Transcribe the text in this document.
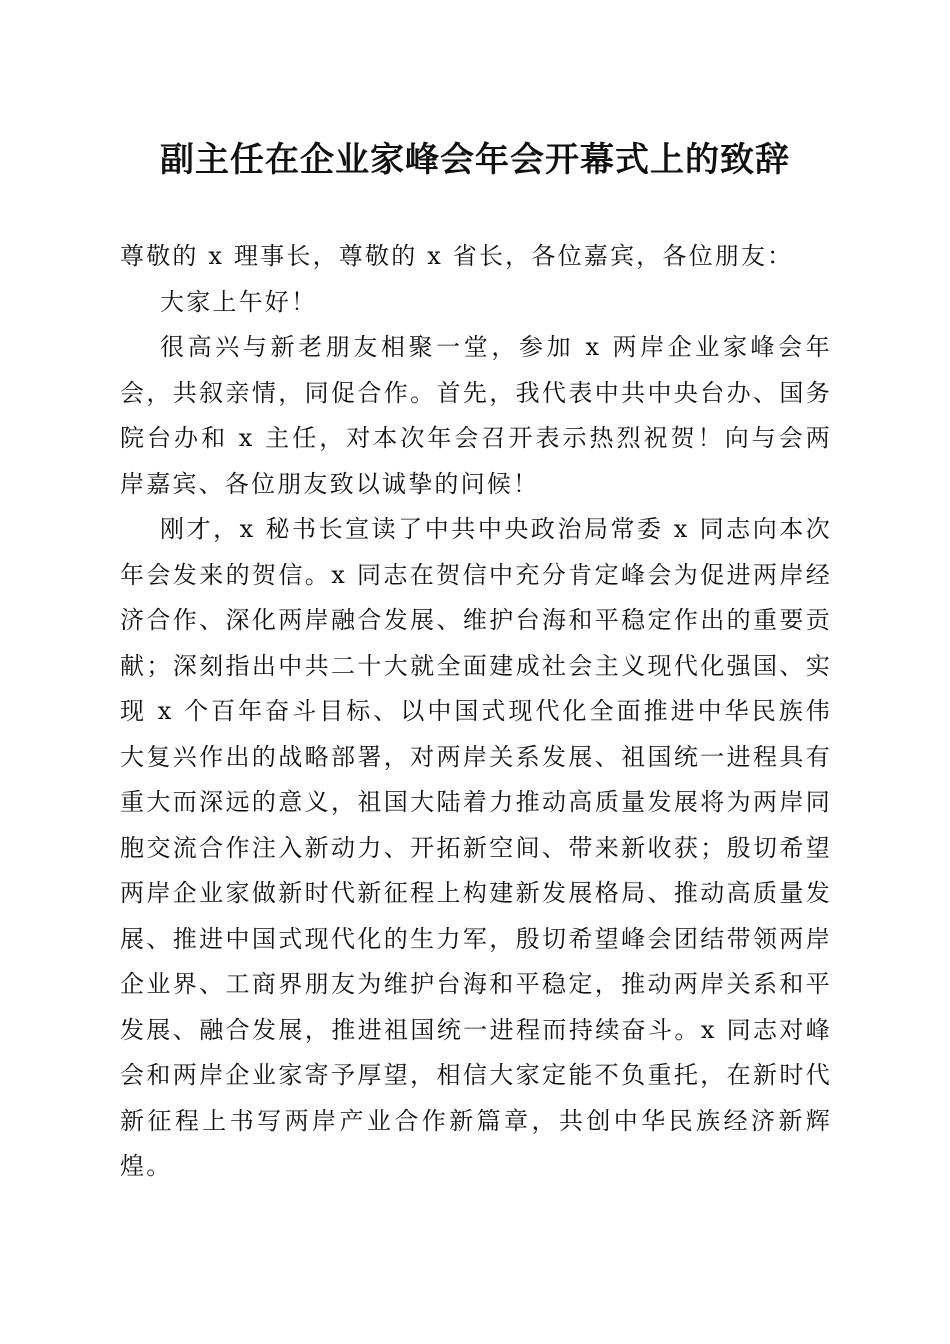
副主任在企业家峰会年会开幕式上的致辞

尊敬的 x 理事长，尊敬的 x 省长，各位嘉宾，各位朋友：

大家上午好！

很高兴与新老朋友相聚一堂，参加 x 两岸企业家峰会年会，共叙亲情，同促合作。首先，我代表中共中央台办、国务院台办和 x 主任，对本次年会召开表示热烈祝贺！向与会两岸嘉宾、各位朋友致以诚挚的问候！

刚才，x 秘书长宣读了中共中央政治局常委 x 同志向本次年会发来的贺信。x 同志在贺信中充分肯定峰会为促进两岸经济合作、深化两岸融合发展、维护台海和平稳定作出的重要贡献；深刻指出中共二十大就全面建成社会主义现代化强国、实现 x 个百年奋斗目标、以中国式现代化全面推进中华民族伟大复兴作出的战略部署，对两岸关系发展、祖国统一进程具有重大而深远的意义，祖国大陆着力推动高质量发展将为两岸同胞交流合作注入新动力、开拓新空间、带来新收获；殷切希望两岸企业家做新时代新征程上构建新发展格局、推动高质量发展、推进中国式现代化的生力军，殷切希望峰会团结带领两岸企业界、工商界朋友为维护台海和平稳定，推动两岸关系和平发展、融合发展，推进祖国统一进程而持续奋斗。x 同志对峰会和两岸企业家寄予厚望，相信大家定能不负重托，在新时代新征程上书写两岸产业合作新篇章，共创中华民族经济新辉煌。
